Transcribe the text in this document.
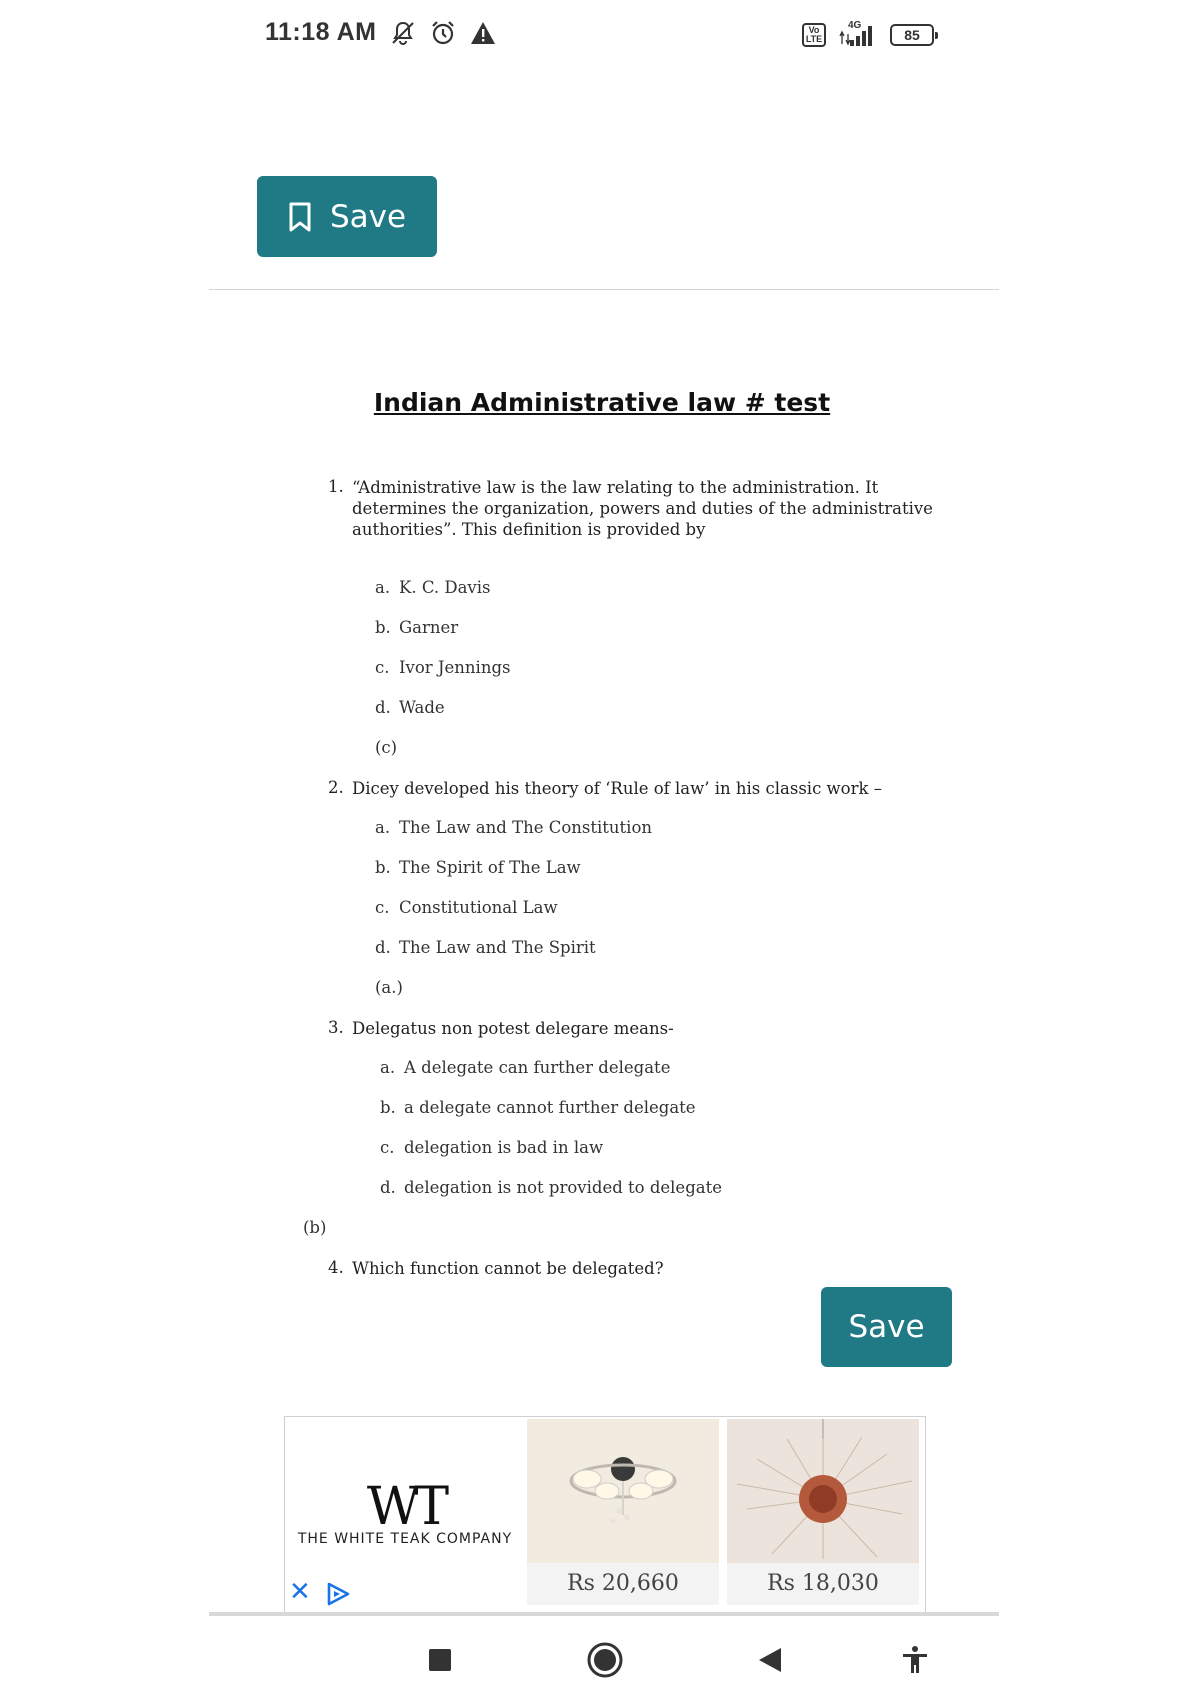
11:18 AM	Vo LTE
4G
85
Save
Indian Administrative law # test
1. “Administrative law is the law relating to the administration. It
determines the organization, powers and duties of the administrative
authorities”. This definition is provided by
a. K. C. Davis
b. Garner
c. Ivor Jennings
d. Wade
(c)
2. Dicey developed his theory of ‘Rule of law’ in his classic work –
a. The Law and The Constitution
b. The Spirit of The Law
c. Constitutional Law
d. The Law and The Spirit
(a.)
3. Delegatus non potest delegare means-
a. A delegate can further delegate
b. a delegate cannot further delegate
c. delegation is bad in law
d. delegation is not provided to delegate
(b)
4. Which function cannot be delegated?
Save
WT
THE WHITE TEAK COMPANY
✕	Rs 20,660	Rs 18,030
